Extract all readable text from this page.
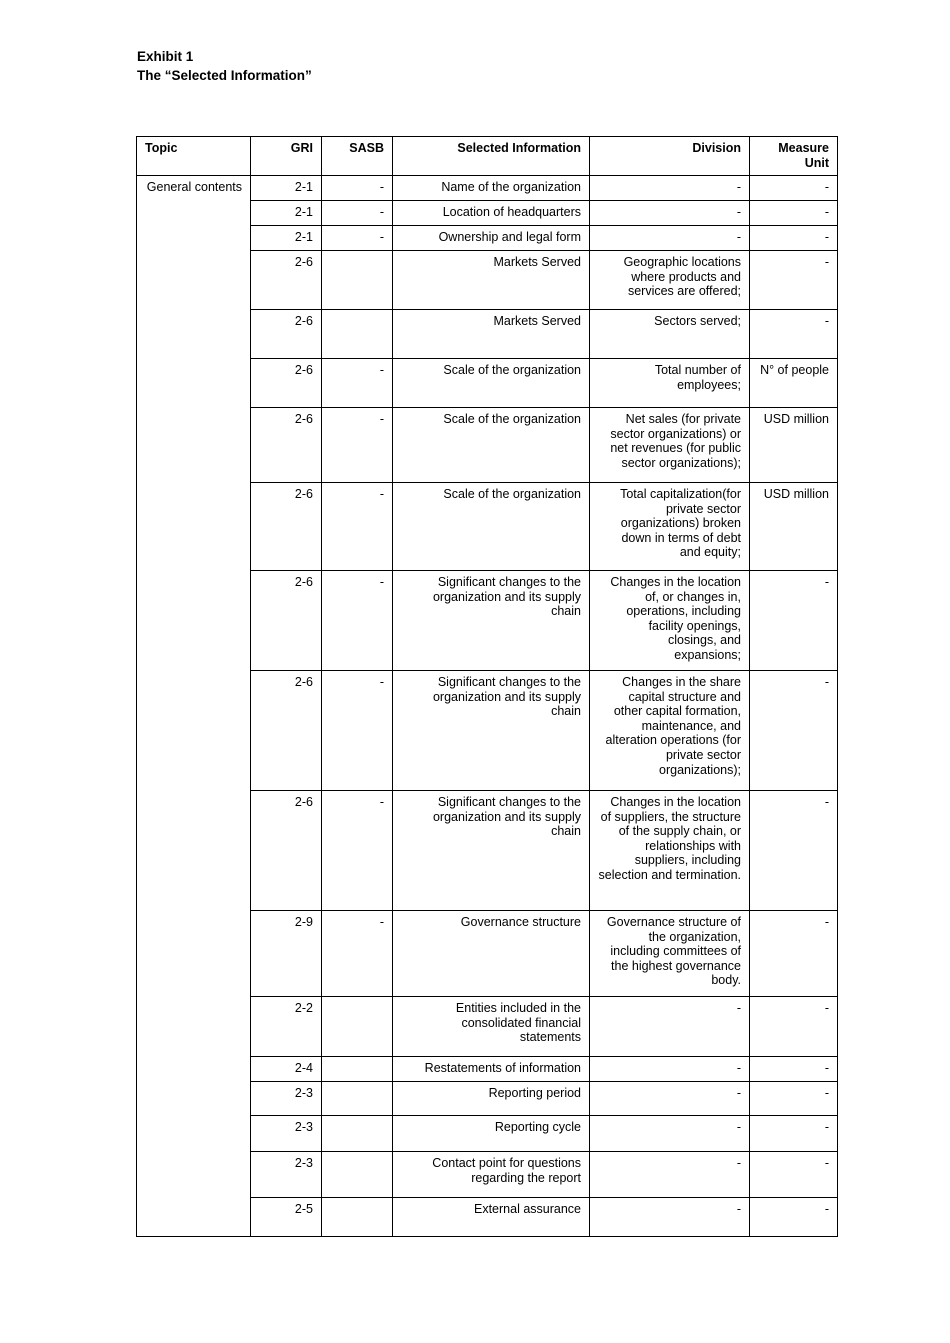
Exhibit 1
The “Selected Information”
Topic	GRI	SASB	Selected Information	Division	Measure
Unit

General contents	2-1	-	Name of the organization	-	-
	2-1	-	Location of headquarters	-	-
	2-1	-	Ownership and legal form	-	-
	2-6		Markets Served	Geographic locations where products and services are offered;	-
	2-6		Markets Served	Sectors served;	-
	2-6	-	Scale of the organization	Total number of employees;	N° of people
	2-6	-	Scale of the organization	Net sales (for private sector organizations) or net revenues (for public sector organizations);	USD million
	2-6	-	Scale of the organization	Total capitalization(for private sector organizations) broken down in terms of debt and equity;	USD million
	2-6	-	Significant changes to the organization and its supply chain	Changes in the location of, or changes in, operations, including facility openings, closings, and expansions;	-
	2-6	-	Significant changes to the organization and its supply chain	Changes in the share capital structure and other capital formation, maintenance, and alteration operations (for private sector organizations);	-
	2-6	-	Significant changes to the organization and its supply chain	Changes in the location of suppliers, the structure of the supply chain, or relationships with suppliers, including selection and termination.	-
	2-9	-	Governance structure	Governance structure of the organization, including committees of the highest governance body.	-
	2-2		Entities included in the consolidated financial statements	-	-
	2-4		Restatements of information	-	-
	2-3		Reporting period	-	-
	2-3		Reporting cycle	-	-
	2-3		Contact point for questions regarding the report	-	-
	2-5		External assurance	-	-
